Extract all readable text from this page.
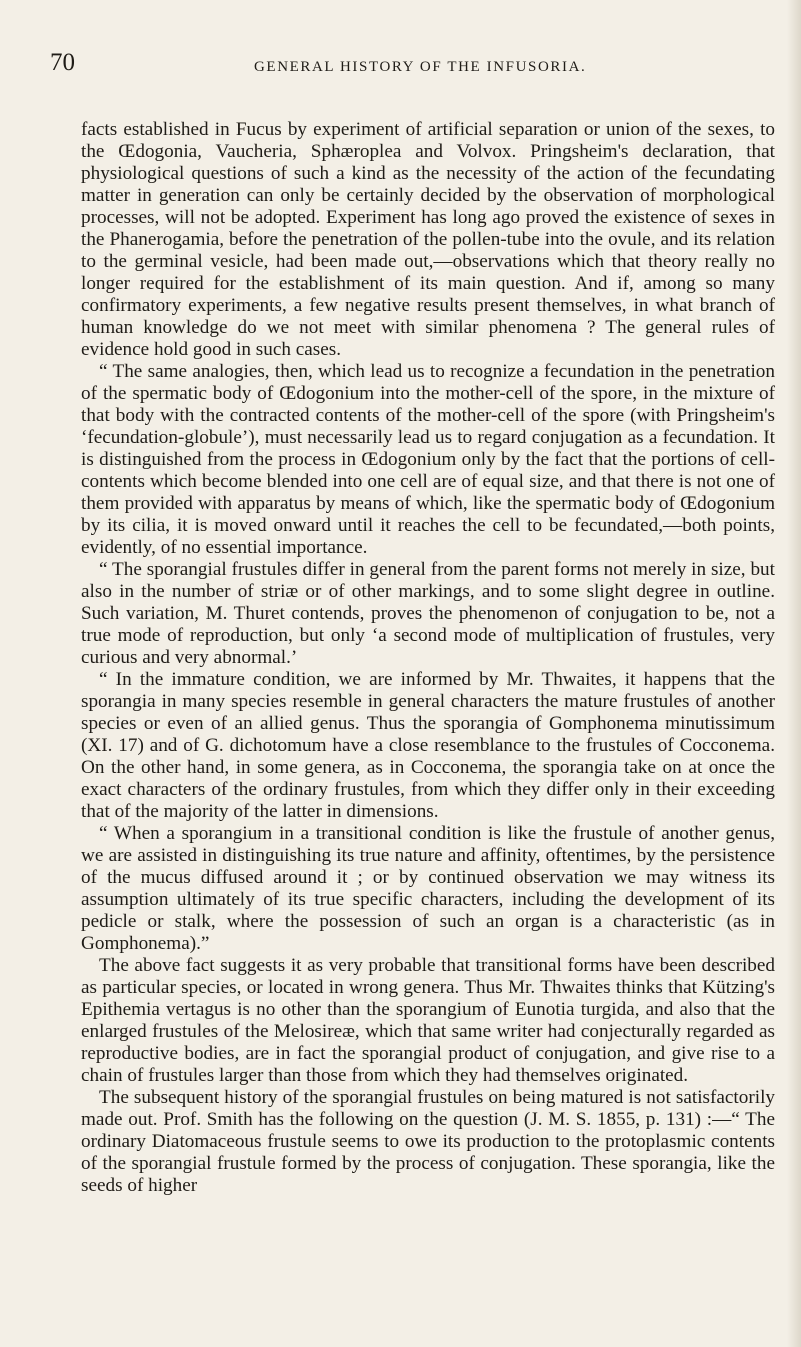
70	GENERAL HISTORY OF THE INFUSORIA.

facts established in Fucus by experiment of artificial separation or union of the sexes, to the Œdogonia, Vaucheria, Sphæroplea and Volvox. Pringsheim's declaration, that physiological questions of such a kind as the necessity of the action of the fecundating matter in generation can only be certainly decided by the observation of morphological processes, will not be adopted. Experiment has long ago proved the existence of sexes in the Phanerogamia, before the penetration of the pollen-tube into the ovule, and its relation to the germinal vesicle, had been made out,—observations which that theory really no longer required for the establishment of its main question. And if, among so many confirmatory experiments, a few negative results present themselves, in what branch of human knowledge do we not meet with similar phenomena ? The general rules of evidence hold good in such cases.

“ The same analogies, then, which lead us to recognize a fecundation in the penetration of the spermatic body of Œdogonium into the mother-cell of the spore, in the mixture of that body with the contracted contents of the mother-cell of the spore (with Pringsheim's ‘fecundation-globule’), must necessarily lead us to regard conjugation as a fecundation. It is distinguished from the process in Œdogonium only by the fact that the portions of cell-contents which become blended into one cell are of equal size, and that there is not one of them provided with apparatus by means of which, like the spermatic body of Œdogonium by its cilia, it is moved onward until it reaches the cell to be fecundated,—both points, evidently, of no essential importance.

“ The sporangial frustules differ in general from the parent forms not merely in size, but also in the number of striæ or of other markings, and to some slight degree in outline. Such variation, M. Thuret contends, proves the phenomenon of conjugation to be, not a true mode of reproduction, but only ‘a second mode of multiplication of frustules, very curious and very abnormal.’

“ In the immature condition, we are informed by Mr. Thwaites, it happens that the sporangia in many species resemble in general characters the mature frustules of another species or even of an allied genus. Thus the sporangia of Gomphonema minutissimum (XI. 17) and of G. dichotomum have a close resemblance to the frustules of Cocconema. On the other hand, in some genera, as in Cocconema, the sporangia take on at once the exact characters of the ordinary frustules, from which they differ only in their exceeding that of the majority of the latter in dimensions.

“ When a sporangium in a transitional condition is like the frustule of another genus, we are assisted in distinguishing its true nature and affinity, oftentimes, by the persistence of the mucus diffused around it ; or by continued observation we may witness its assumption ultimately of its true specific characters, including the development of its pedicle or stalk, where the possession of such an organ is a characteristic (as in Gomphonema).”

The above fact suggests it as very probable that transitional forms have been described as particular species, or located in wrong genera. Thus Mr. Thwaites thinks that Kützing's Epithemia vertagus is no other than the sporangium of Eunotia turgida, and also that the enlarged frustules of the Melosireæ, which that same writer had conjecturally regarded as reproductive bodies, are in fact the sporangial product of conjugation, and give rise to a chain of frustules larger than those from which they had themselves originated.

The subsequent history of the sporangial frustules on being matured is not satisfactorily made out. Prof. Smith has the following on the question (J. M. S. 1855, p. 131) :—“ The ordinary Diatomaceous frustule seems to owe its production to the protoplasmic contents of the sporangial frustule formed by the process of conjugation. These sporangia, like the seeds of higher
